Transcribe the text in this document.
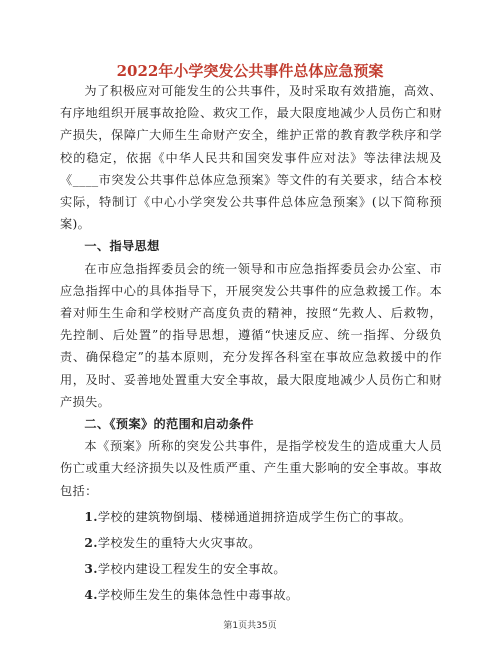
2022年小学突发公共事件总体应急预案

为了积极应对可能发生的公共事件，及时采取有效措施，高效、有序地组织开展事故抢险、救灾工作，最大限度地减少人员伤亡和财产损失，保障广大师生生命财产安全，维护正常的教育教学秩序和学校的稳定，依据《中华人民共和国突发事件应对法》等法律法规及《____市突发公共事件总体应急预案》等文件的有关要求，结合本校实际，特制订《中心小学突发公共事件总体应急预案》(以下简称预案)。

一、指导思想

在市应急指挥委员会的统一领导和市应急指挥委员会办公室、市应急指挥中心的具体指导下，开展突发公共事件的应急救援工作。本着对师生生命和学校财产高度负责的精神，按照“先救人、后救物，先控制、后处置”的指导思想，遵循“快速反应、统一指挥、分级负责、确保稳定”的基本原则，充分发挥各科室在事故应急救援中的作用，及时、妥善地处置重大安全事故，最大限度地减少人员伤亡和财产损失。

二、《预案》的范围和启动条件

本《预案》所称的突发公共事件，是指学校发生的造成重大人员伤亡或重大经济损失以及性质严重、产生重大影响的安全事故。事故包括：

1.学校的建筑物倒塌、楼梯通道拥挤造成学生伤亡的事故。

2.学校发生的重特大火灾事故。

3.学校内建设工程发生的安全事故。

4.学校师生发生的集体急性中毒事故。

第1页共35页
